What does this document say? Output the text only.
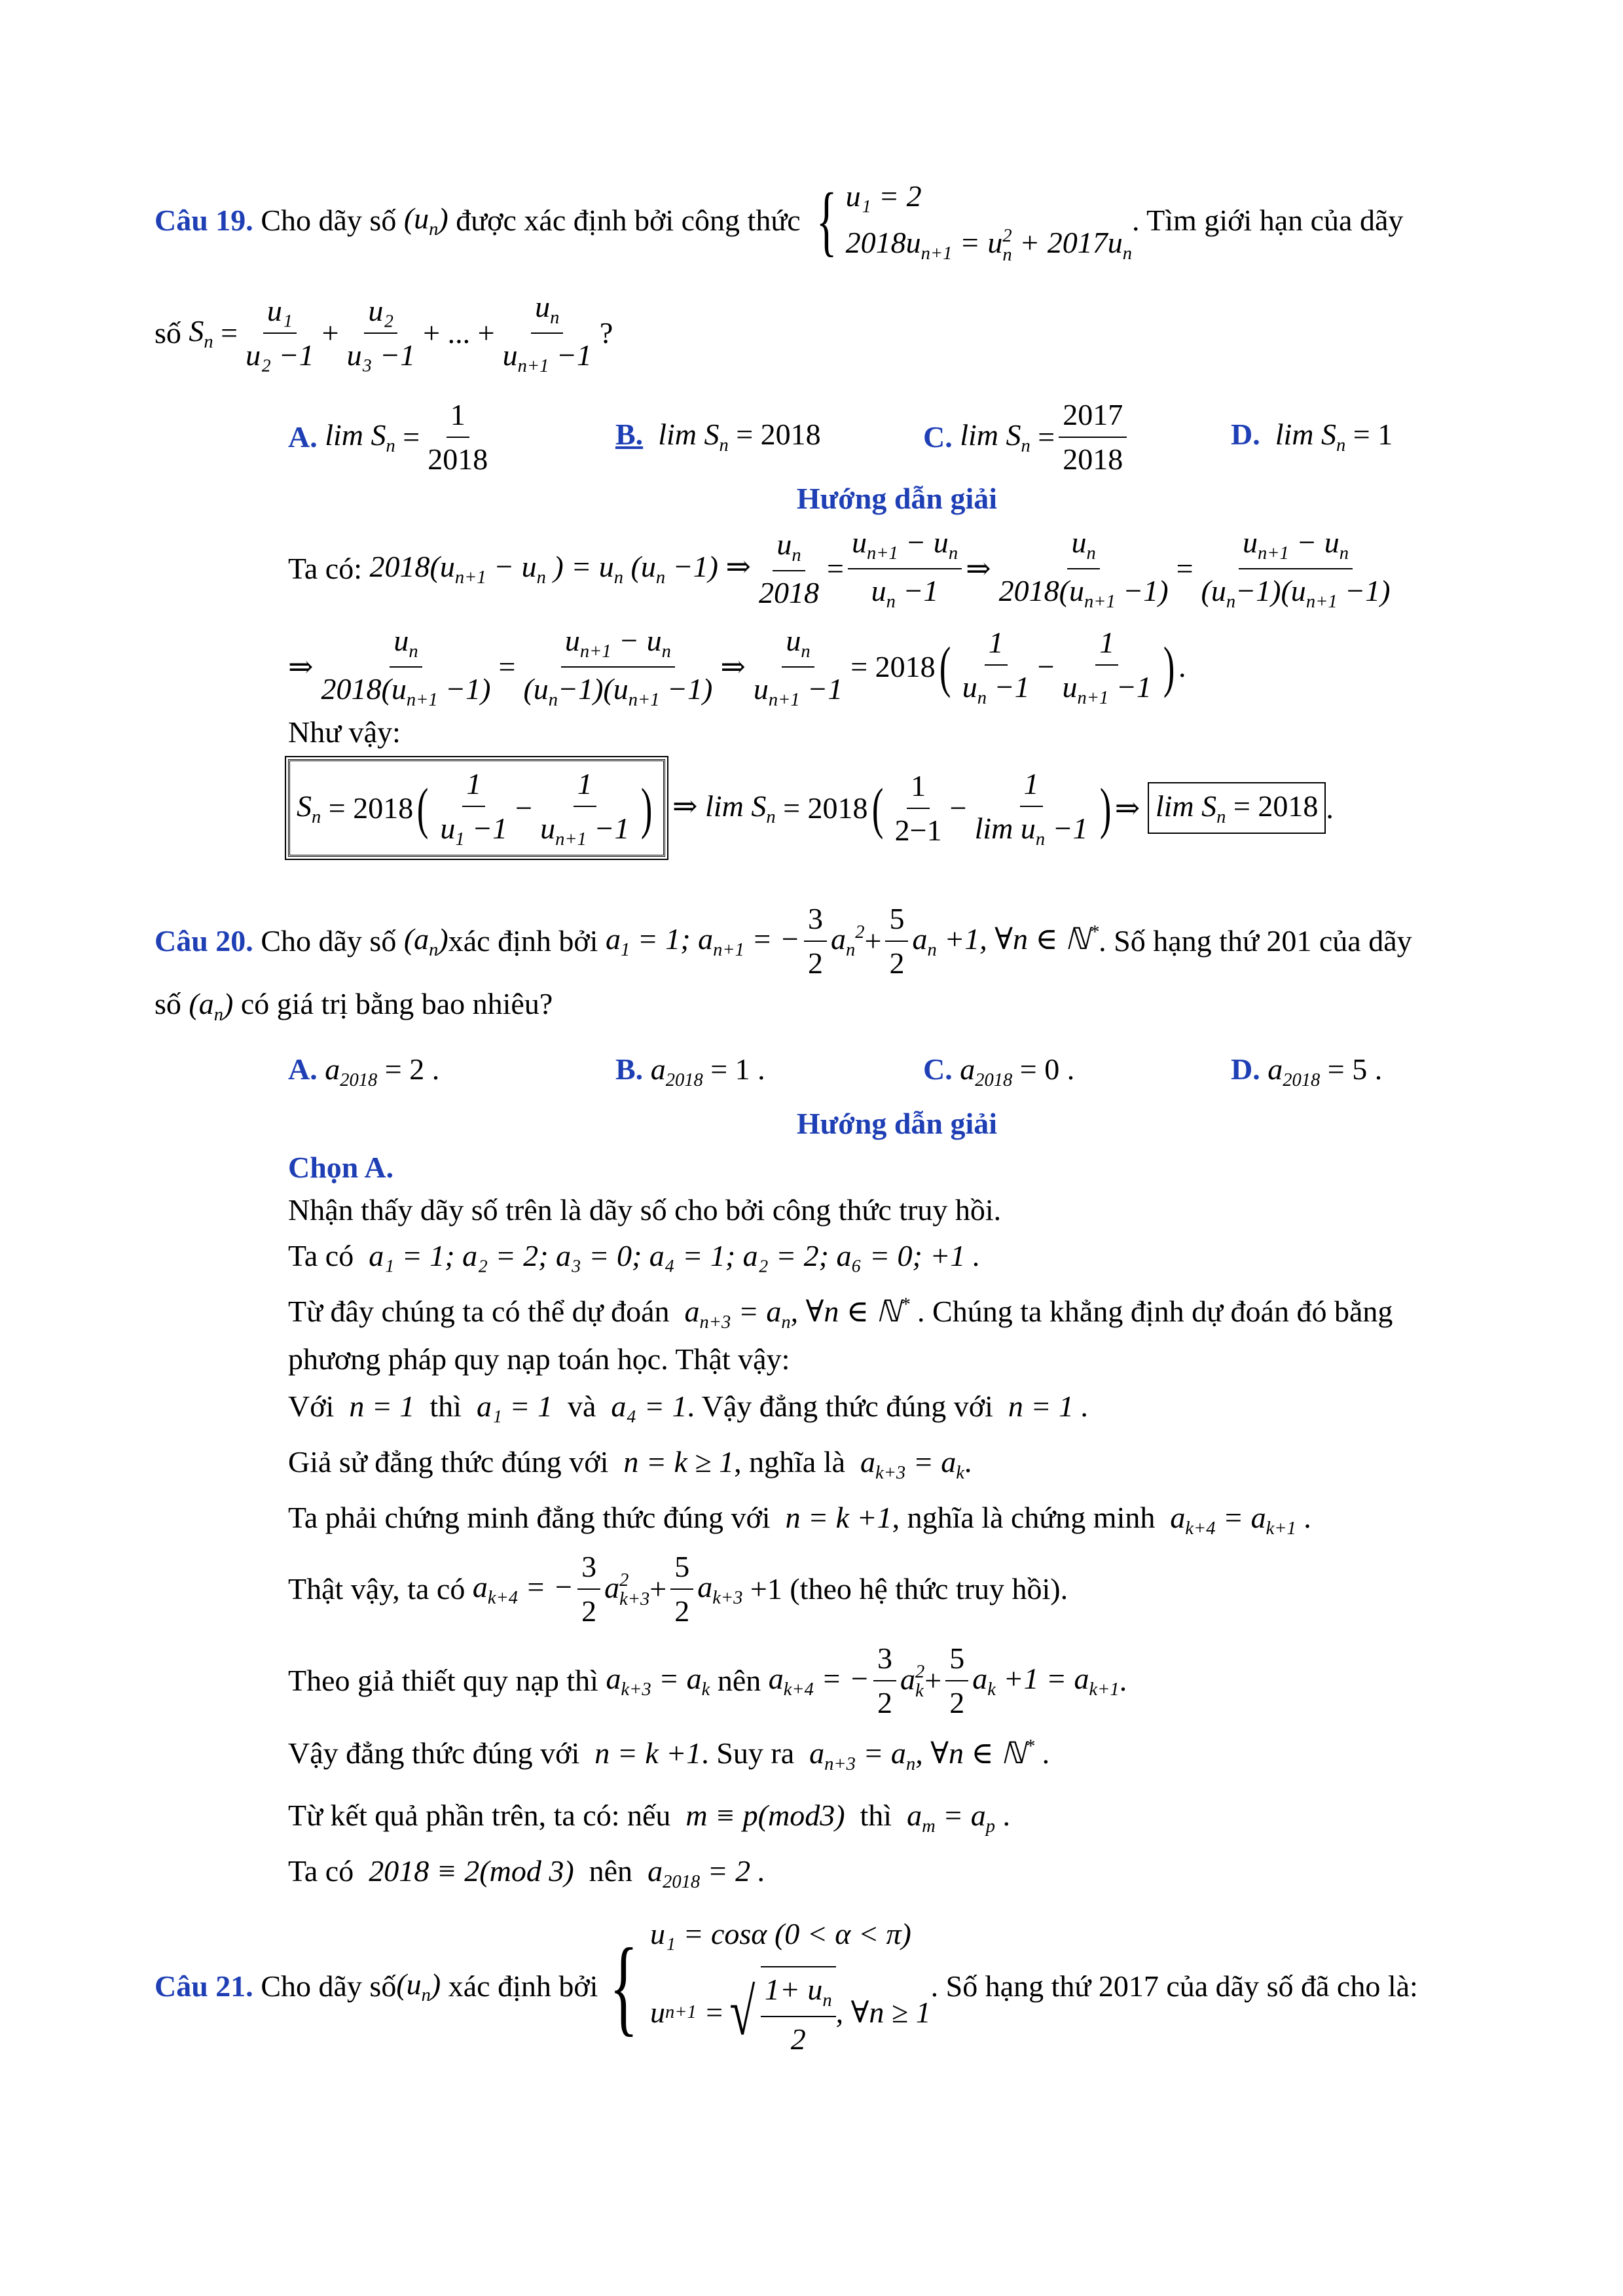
Câu 19.
Cho dãy số
$(u_n)$
được xác định bởi công thức
{ u₁ = 2
$2018u_{n+1} = u$ 2
$n + 2017u_n$
. Tìm giới hạn của dãy
số
$S_n$
= $\frac{\text{u₁}}{\text{u₂ −1}} + \frac{\text{u₂}}{\text{u₃ −1}}$ + ... + $\frac{u_n}{u_{n+1} -1}$ ?
A.
$\lim S_n$
= $\frac{1}{2018}$	B. $\lim S_n = 2018$	C.
$\lim S_n$
= $\frac{2017}{2018}$	D. $\lim S_n = 1$
Hướng dẫn giải
Ta có:
$2018(u_{n+1} - u_n$ ) = $u_n$ $(u_n -1)$ ⇒ $\frac{u_n}{2018} = \frac{u_{n+1} - u_n}{u_n -1}$ ⇒ $\frac{u_n}{2018(u_{n+1} -1)} = \frac{u_{n+1} - u_n}{(u_n-1)(u_{n+1} -1)}$
⇒ $\frac{u_n}{2018(u_{n+1} -1)} = \frac{u_{n+1} - u_n}{(u_n-1)(u_{n+1} -1)}$ ⇒ $\frac{u_n}{u_{n+1} -1} = 2018$ ( $\frac{1}{u_n -1} - \frac{1}{u_{n+1} -1}$ ) .
Như vậy:
$S_n$
= 2018 ( $\frac{1}{u_1 -1} - \frac{1}{u_{n+1} -1}$ )
⇒ $\lim S_n$
= 2018 ( $\frac{1}{2-1} - \frac{1}{\lim u_n -1}$ ) ⇒
$\lim S_n = 2018$ .
Câu 20.
Cho dãy số
$(a_n)$ xác định bởi
$a_1 = 1$; $a_{n+1}$ = − $\frac{3}{2} a_n^2 + \frac{5}{2} a_n +1$, ∀n ∈ ℕ* . Số hạng thứ 201 của dãy
số $(a_n)$ có giá trị bằng bao nhiêu?
A. $a_{2018} = 2$ .	B. $a_{2018} = 1$ .	C. $a_{2018} = 0$ .	D. $a_{2018} = 5$ .
Hướng dẫn giải
Chọn A.
Nhận thấy dãy số trên là dãy số cho bởi công thức truy hồi.
Ta có a₁ = 1; a₂ = 2; a₃ = 0; a₄ = 1; a₂ = 2; a₆ = 0; +1 .
Từ đây chúng ta có thể dự đoán $a_{n+3} = a_n$, ∀n ∈ ℕ* . Chúng ta khẳng định dự đoán đó bằng
phương pháp quy nạp toán học. Thật vậy:
Với n = 1 thì a₁ = 1 và a₄ = 1. Vậy đẳng thức đúng với n = 1 .
Giả sử đẳng thức đúng với n = k ≥ 1, nghĩa là $a_{k+3} = a_k$.
Ta phải chứng minh đẳng thức đúng với n = k +1, nghĩa là chứng minh $a_{k+4} = a_{k+1}$ .
Thật vậy, ta có
$a_{k+4}$ = − $\frac{3}{2}$ a 2
$k+3 + \frac{5}{2} a_{k+3}$
+1
(theo hệ thức truy hồi).
Theo giả thiết quy nạp thì
$a_{k+3} = a_k$
nên
$a_{k+4}$ = − $\frac{3}{2}$ a 2
$k + \frac{5}{2} a_k +1 = a_{k+1}$ .
Vậy đẳng thức đúng với n = k +1. Suy ra $a_{n+3} = a_n$, ∀n ∈ ℕ* .
Từ kết quả phần trên, ta có: nếu m ≡ p(mod3) thì $a_m = a_p$ .
Ta có 2018 ≡ 2(mod 3) nên $a_{2018} = 2$ .
Câu 21.
Cho dãy số $(u_n)$
xác định bởi { u₁ = cosα (0 < α < π)
u n+1
= √ $\frac{1+ u_n}{2}$ , ∀n ≥ 1
. Số hạng thứ 2017 của dãy số đã cho là:
